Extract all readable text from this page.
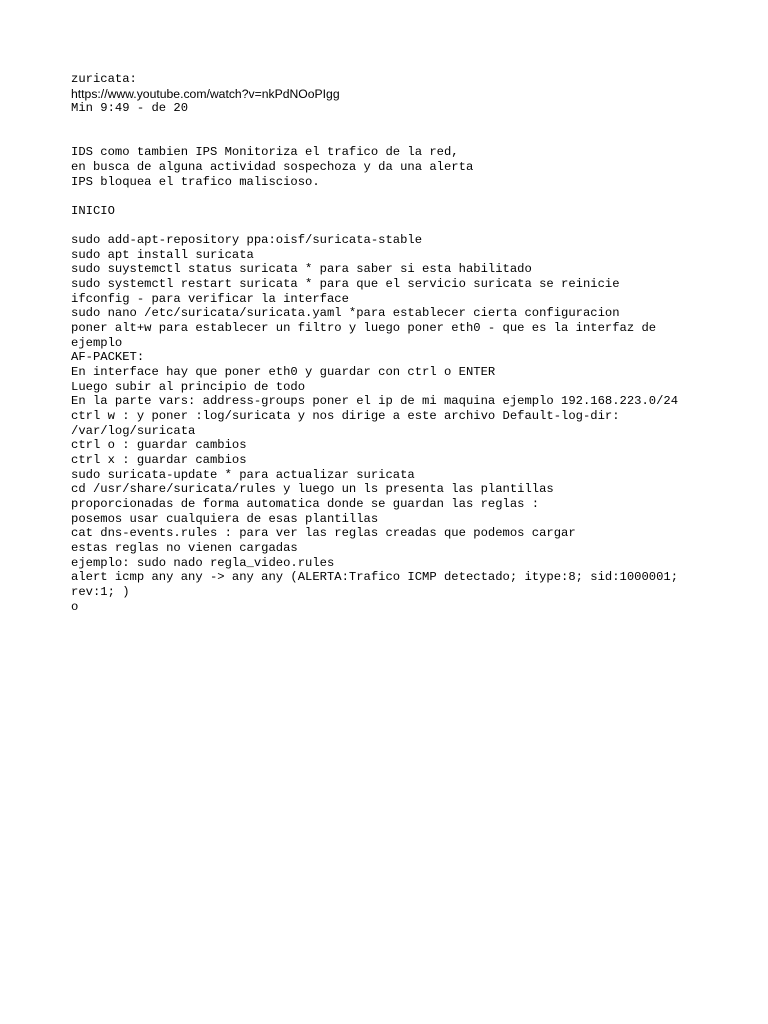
zuricata:
https://www.youtube.com/watch?v=nkPdNOoPIgg
Min 9:49 - de 20
IDS como tambien IPS Monitoriza el trafico de la red,
en busca de alguna actividad sospechoza y da una alerta
IPS bloquea el trafico maliscioso.
INICIO
sudo add-apt-repository ppa:oisf/suricata-stable
sudo apt install suricata
sudo suystemctl status suricata * para saber si esta habilitado
sudo systemctl restart suricata * para que el servicio suricata se reinicie
ifconfig - para verificar la interface
sudo nano /etc/suricata/suricata.yaml *para establecer cierta configuracion
poner alt+w para establecer un filtro y luego poner eth0 - que es la interfaz de
ejemplo
AF-PACKET:
En interface hay que poner eth0 y guardar con ctrl o ENTER
Luego subir al principio de todo
En la parte vars: address-groups poner el ip de mi maquina ejemplo 192.168.223.0/24
ctrl w : y poner :log/suricata y nos dirige a este archivo Default-log-dir:
/var/log/suricata
ctrl o : guardar cambios
ctrl x : guardar cambios
sudo suricata-update * para actualizar suricata
cd /usr/share/suricata/rules y luego un ls presenta las plantillas
proporcionadas de forma automatica donde se guardan las reglas :
posemos usar cualquiera de esas plantillas
cat dns-events.rules : para ver las reglas creadas que podemos cargar
estas reglas no vienen cargadas
ejemplo: sudo nado regla_video.rules
alert icmp any any -> any any (ALERTA:Trafico ICMP detectado; itype:8; sid:1000001;
rev:1; )
o
